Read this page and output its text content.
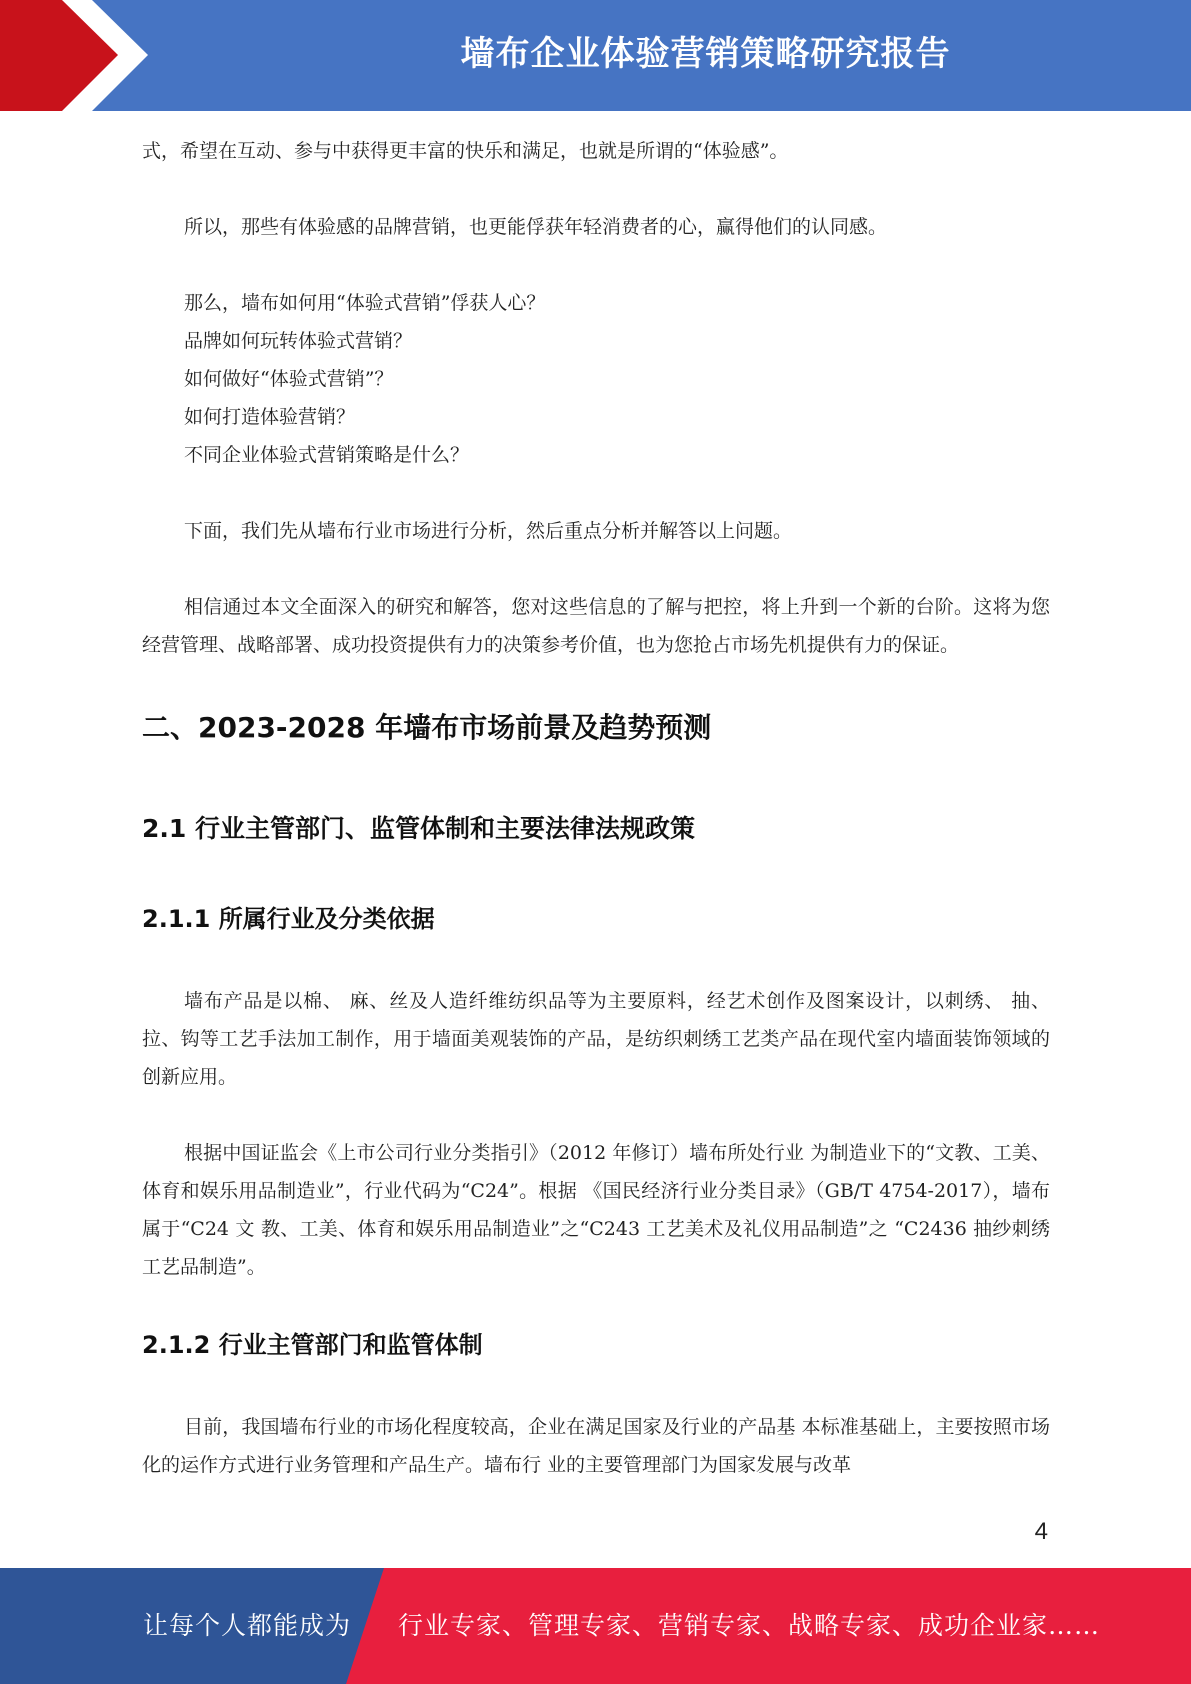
墙布企业体验营销策略研究报告

式，希望在互动、参与中获得更丰富的快乐和满足，也就是所谓的“体验感”。

所以，那些有体验感的品牌营销，也更能俘获年轻消费者的心，赢得他们的认同感。

那么，墙布如何用“体验式营销”俘获人心？

品牌如何玩转体验式营销？

如何做好“体验式营销”？

如何打造体验营销？

不同企业体验式营销策略是什么？

下面，我们先从墙布行业市场进行分析，然后重点分析并解答以上问题。

相信通过本文全面深入的研究和解答，您对这些信息的了解与把控，将上升到一个新的台阶。这将为您经营管理、战略部署、成功投资提供有力的决策参考价值，也为您抢占市场先机提供有力的保证。

二、2023-2028 年墙布市场前景及趋势预测
2.1 行业主管部门、监管体制和主要法律法规政策
2.1.1 所属行业及分类依据

墙布产品是以棉、 麻、丝及人造纤维纺织品等为主要原料，经艺术创作及图案设计，以刺绣、 抽、拉、钩等工艺手法加工制作，用于墙面美观装饰的产品，是纺织刺绣工艺类产品在现代室内墙面装饰领域的创新应用。

根据中国证监会《上市公司行业分类指引》（2012 年修订）墙布所处行业 为制造业下的“文教、工美、体育和娱乐用品制造业”，行业代码为“C24”。根据 《国民经济行业分类目录》（GB/T 4754-2017），墙布属于“C24 文 教、工美、体育和娱乐用品制造业”之“C243 工艺美术及礼仪用品制造”之 “C2436 抽纱刺绣工艺品制造”。

2.1.2 行业主管部门和监管体制

目前，我国墙布行业的市场化程度较高，企业在满足国家及行业的产品基 本标准基础上，主要按照市场化的运作方式进行业务管理和产品生产。墙布行 业的主要管理部门为国家发展与改革

4
让每个人都能成为 行业专家、管理专家、营销专家、战略专家、成功企业家……
